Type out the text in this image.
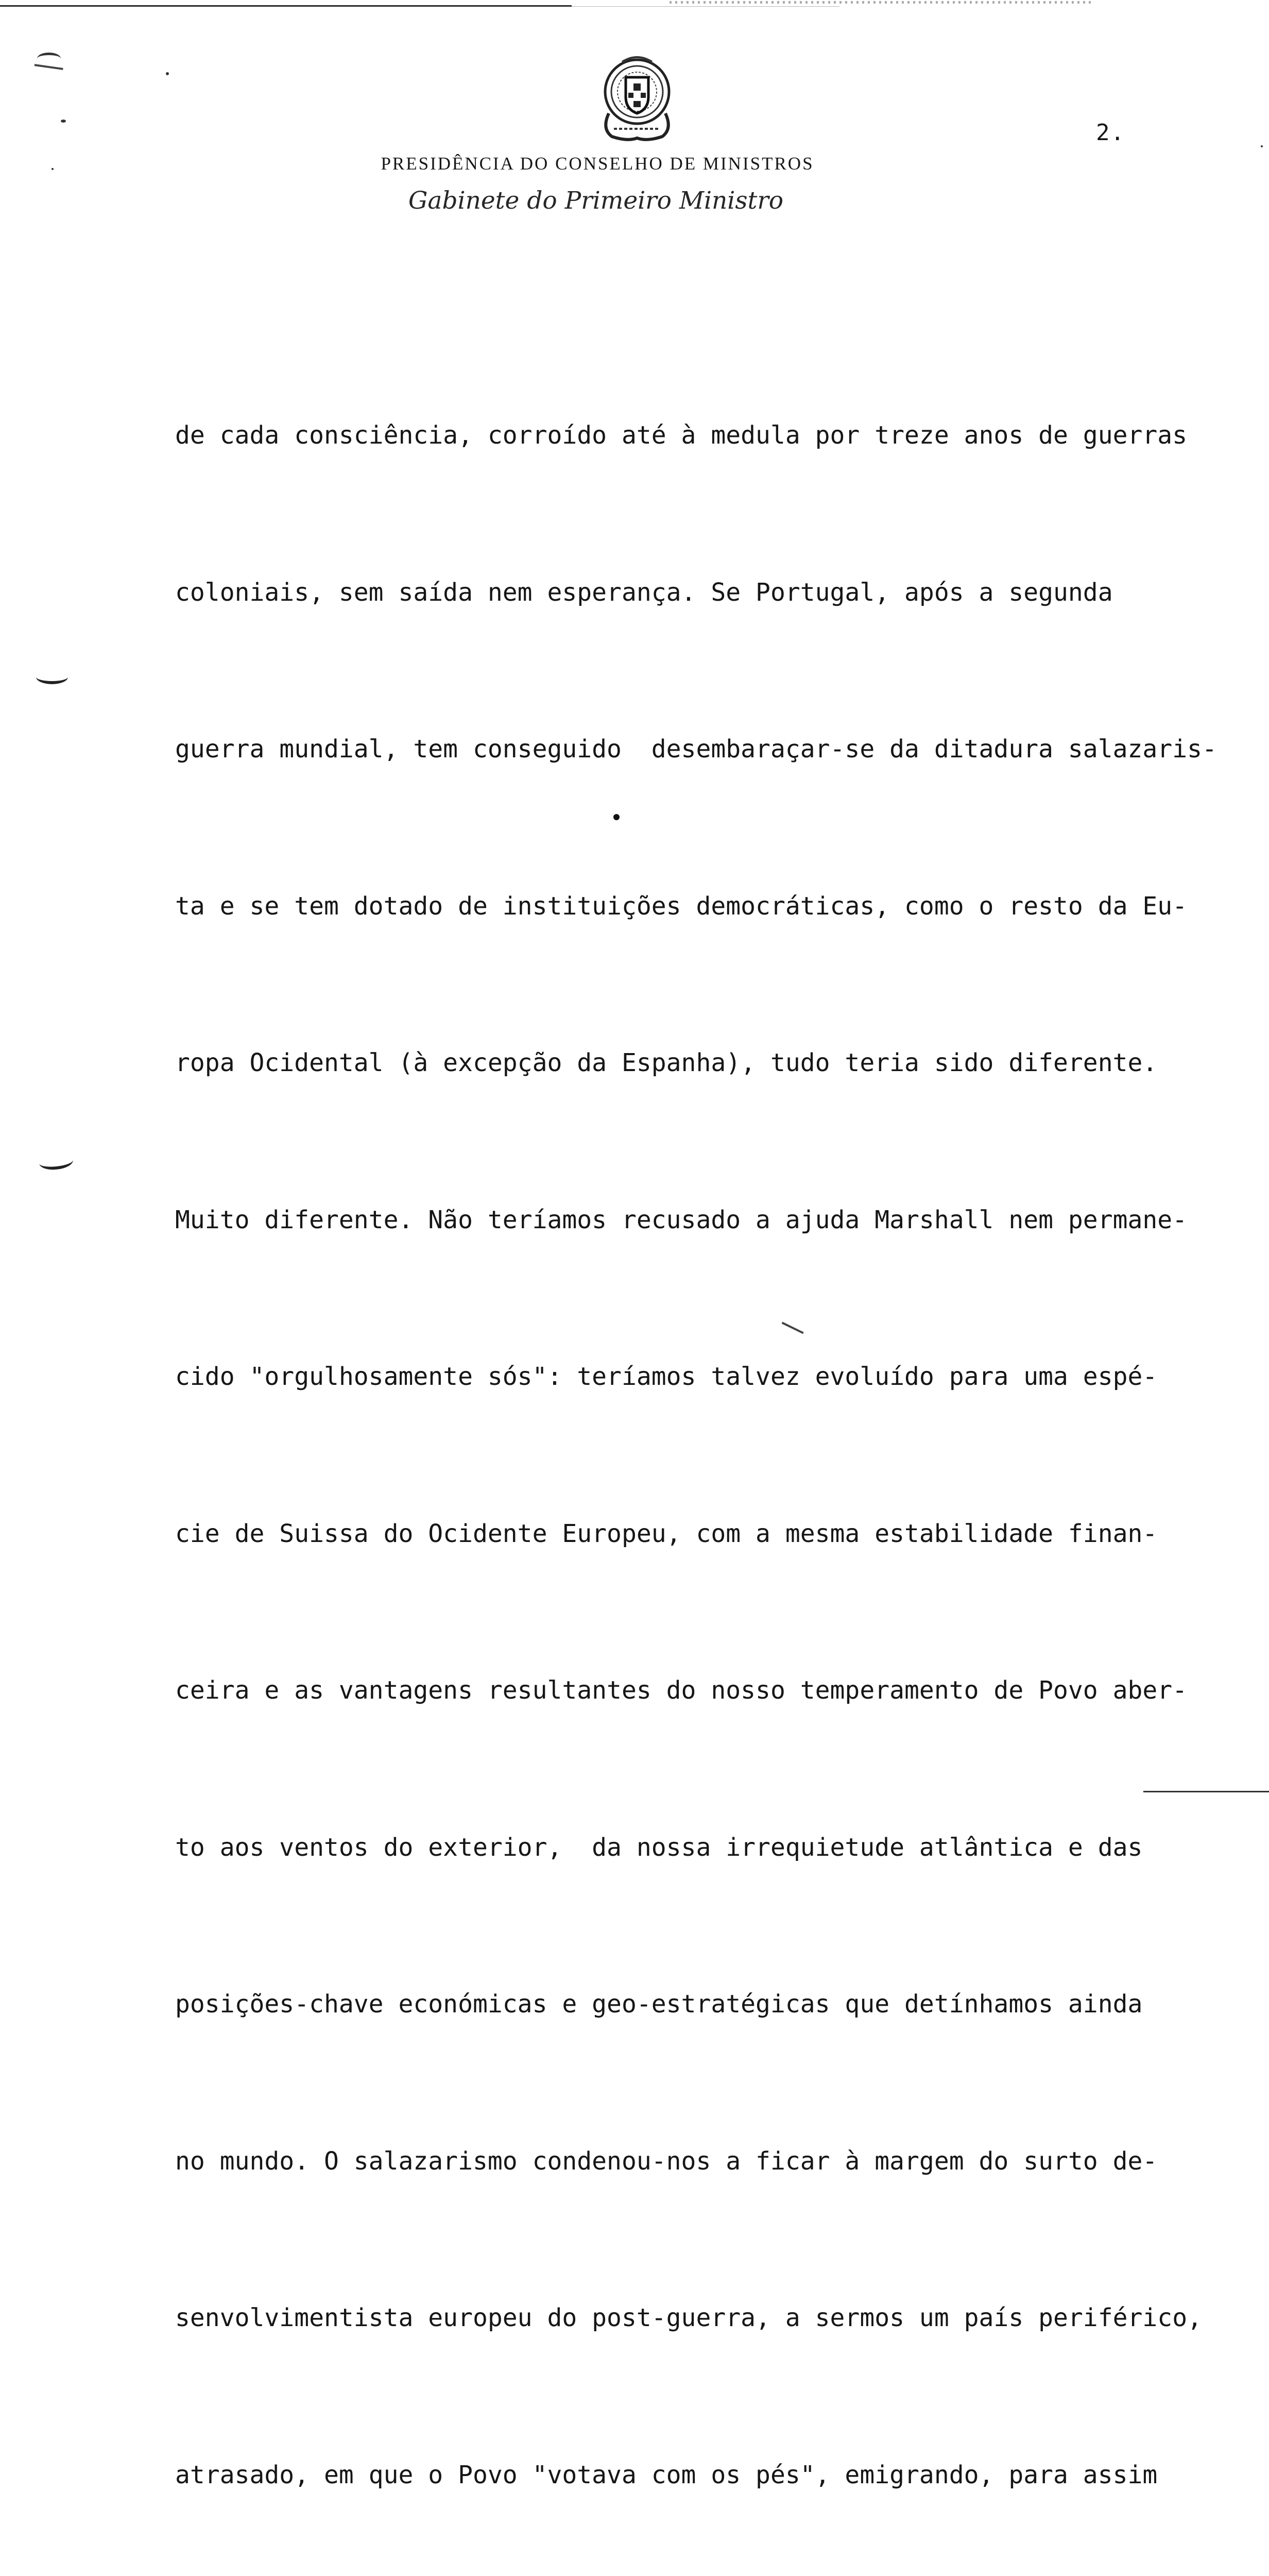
2.
PRESIDÊNCIA DO CONSELHO DE MINISTROS
Gabinete do Primeiro Ministro

de cada consciência, corroído até à medula por treze anos de guerras

coloniais, sem saída nem esperança. Se Portugal, após a segunda

guerra mundial, tem conseguido  desembaraçar-se da ditadura salazaris-

ta e se tem dotado de instituições democráticas, como o resto da Eu-

ropa Ocidental (à excepção da Espanha), tudo teria sido diferente.

Muito diferente. Não teríamos recusado a ajuda Marshall nem permane-

cido "orgulhosamente sós": teríamos talvez evoluído para uma espé-

cie de Suissa do Ocidente Europeu, com a mesma estabilidade finan-

ceira e as vantagens resultantes do nosso temperamento de Povo aber-

to aos ventos do exterior,  da nossa irrequietude atlântica e das

posições-chave económicas e geo-estratégicas que detínhamos ainda

no mundo. O salazarismo condenou-nos a ficar à margem do surto de-

senvolvimentista europeu do post-guerra, a sermos um país periférico,

atrasado, em que o Povo "votava com os pés", emigrando, para assim
